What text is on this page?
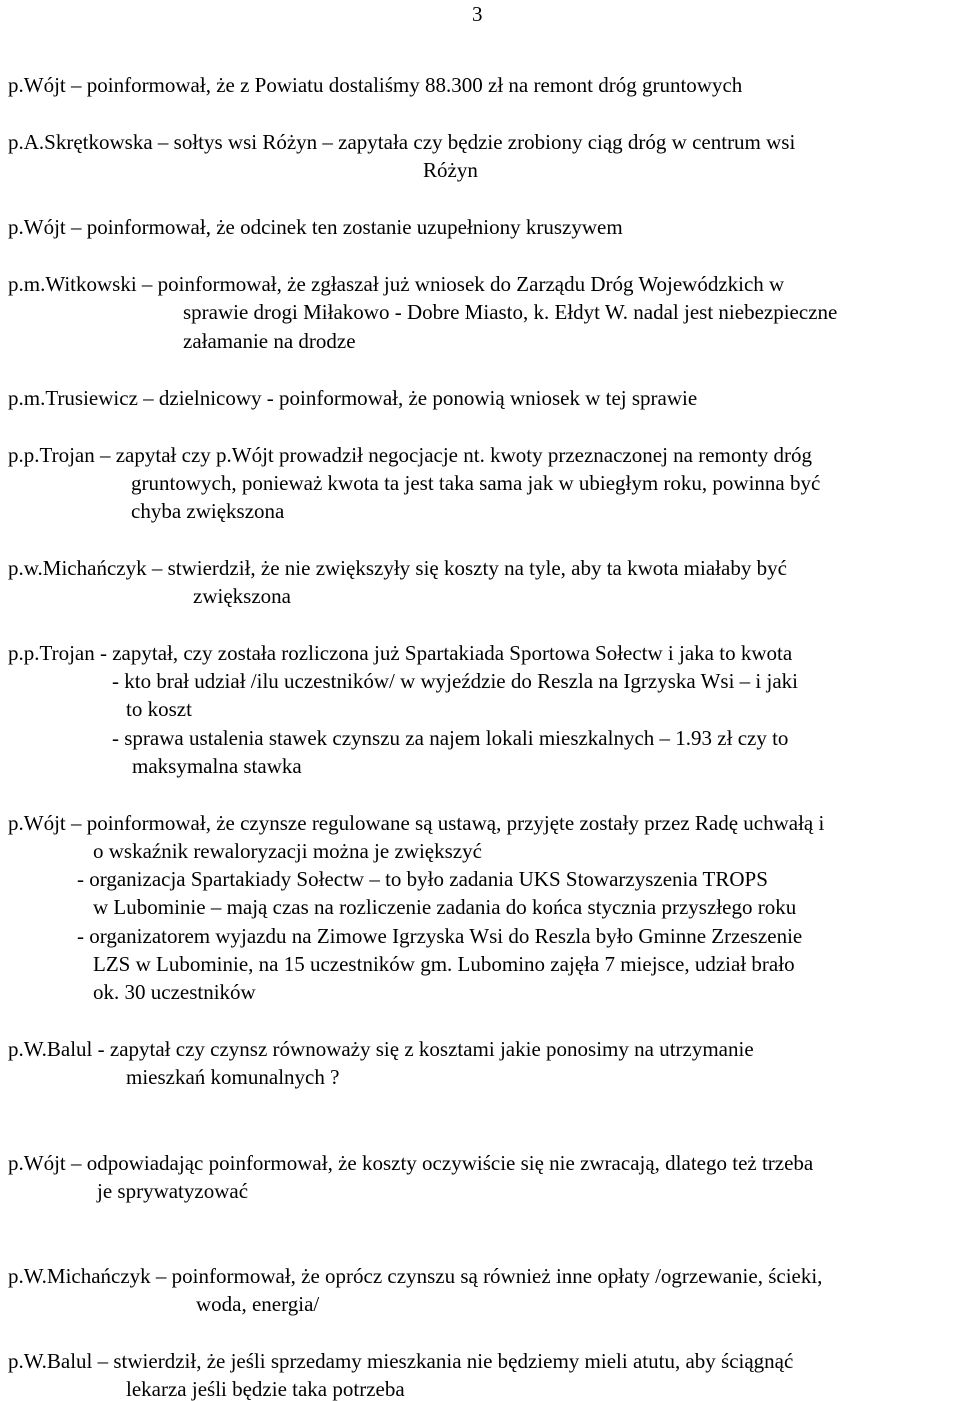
3
p.Wójt – poinformował, że z Powiatu dostaliśmy 88.300 zł na remont dróg gruntowych
p.A.Skrętkowska – sołtys wsi Różyn – zapytała czy będzie zrobiony ciąg dróg w centrum wsi
Różyn
p.Wójt – poinformował, że odcinek ten zostanie uzupełniony kruszywem
p.m.Witkowski – poinformował, że zgłaszał już wniosek do Zarządu Dróg Wojewódzkich w
sprawie drogi Miłakowo - Dobre Miasto, k. Ełdyt W. nadal jest niebezpieczne
załamanie na drodze
p.m.Trusiewicz – dzielnicowy - poinformował, że ponowią wniosek w tej sprawie
p.p.Trojan – zapytał czy p.Wójt prowadził negocjacje nt. kwoty przeznaczonej na remonty dróg
gruntowych, ponieważ kwota ta jest taka sama jak w ubiegłym roku, powinna być
chyba zwiększona
p.w.Michańczyk – stwierdził, że nie zwiększyły się koszty na tyle, aby ta kwota miałaby być
zwiększona
p.p.Trojan - zapytał, czy została rozliczona już Spartakiada Sportowa Sołectw i jaka to kwota
- kto brał udział /ilu uczestników/ w wyjeździe do Reszla na Igrzyska Wsi – i jaki
to koszt
- sprawa ustalenia stawek czynszu za najem lokali mieszkalnych – 1.93 zł czy to
maksymalna stawka
p.Wójt – poinformował, że czynsze regulowane są ustawą, przyjęte zostały przez Radę uchwałą i
o wskaźnik rewaloryzacji można je zwiększyć
- organizacja Spartakiady Sołectw – to było zadania UKS Stowarzyszenia TROPS
w Lubominie – mają czas na rozliczenie zadania do końca stycznia przyszłego roku
- organizatorem wyjazdu na Zimowe Igrzyska Wsi do Reszla było Gminne Zrzeszenie
LZS w Lubominie, na 15 uczestników gm. Lubomino zajęła 7 miejsce, udział brało
ok. 30 uczestników
p.W.Balul - zapytał czy czynsz równoważy się z kosztami jakie ponosimy na utrzymanie
mieszkań komunalnych ?
p.Wójt – odpowiadając poinformował, że koszty oczywiście się nie zwracają, dlatego też trzeba
je sprywatyzować
p.W.Michańczyk – poinformował, że oprócz czynszu są również inne opłaty /ogrzewanie, ścieki,
woda, energia/
p.W.Balul – stwierdził, że jeśli sprzedamy mieszkania nie będziemy mieli atutu, aby ściągnąć
lekarza jeśli będzie taka potrzeba
